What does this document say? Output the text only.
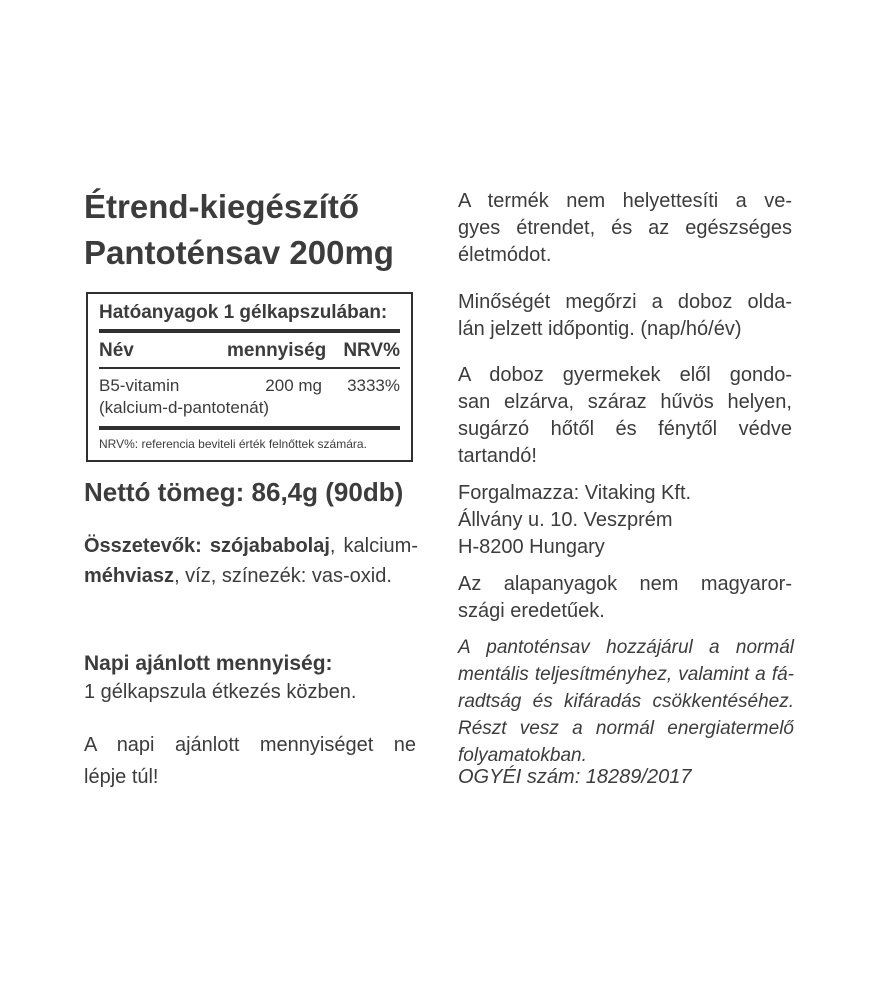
Étrend-kiegészítő
Pantoténsav 200mg
Hatóanyagok 1 gélkapszulában:
Név	mennyiség NRV%
B5-vitamin	200 mg	3333%
(kalcium-d-pantotenát)
NRV%: referencia beviteli érték felnőttek számára.
Nettó tömeg: 86,4g (90db)
Összetevők: szójababolaj, kalcium-
méhviasz, víz, színezék: vas-oxid.
Napi ajánlott mennyiség:
1 gélkapszula étkezés közben.
A napi ajánlott mennyiséget ne
lépje túl!
A termék nem helyettesíti a ve-
gyes étrendet, és az egészséges
életmódot.
Minőségét megőrzi a doboz olda-
lán jelzett időpontig. (nap/hó/év)
A doboz gyermekek elől gondo-
san elzárva, száraz hűvös helyen,
sugárzó hőtől és fénytől védve
tartandó!
Forgalmazza: Vitaking Kft.
Állvány u. 10. Veszprém
H-8200 Hungary
Az alapanyagok nem magyaror-
szági eredetűek.
A pantoténsav hozzájárul a normál
mentális teljesítményhez, valamint a fá-
radtság és kifáradás csökkentéséhez.
Részt vesz a normál energiatermelő
folyamatokban.
OGYÉI szám: 18289/2017
